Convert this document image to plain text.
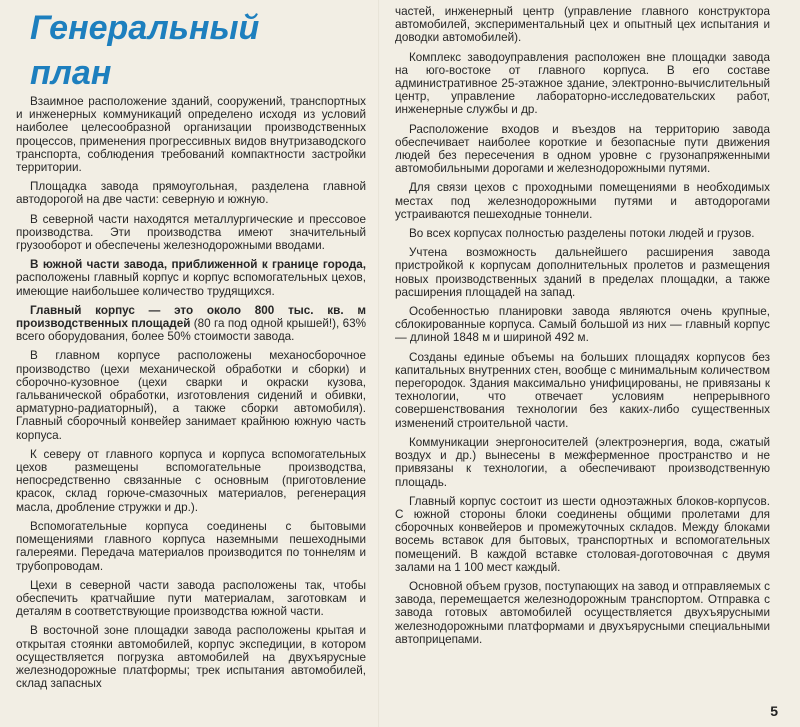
Генеральный
план

Взаимное расположение зданий, сооружений, транспортных и инженерных коммуникаций определено исходя из условий наиболее целесообразной организации производственных процессов, применения прогрессивных видов внутризаводского транспорта, соблюдения требований компактности застройки территории.

Площадка завода прямоугольная, разделена главной автодорогой на две части: северную и южную.

В северной части находятся металлургические и прессовое производства. Эти производства имеют значительный грузооборот и обеспечены железнодорожными вводами.

В южной части завода, приближенной к границе города, расположены главный корпус и корпус вспомогательных цехов, имеющие наибольшее количество трудящихся.

Главный корпус — это около 800 тыс. кв. м производственных площадей (80 га под одной крышей!), 63% всего оборудования, более 50% стоимости завода.

В главном корпусе расположены механосборочное производство (цехи механической обработки и сборки) и сборочно-кузовное (цехи сварки и окраски кузова, гальванической обработки, изготовления сидений и обивки, арматурно-радиаторный), а также сборки автомобиля). Главный сборочный конвейер занимает крайнюю южную часть корпуса.

К северу от главного корпуса и корпуса вспомогательных цехов размещены вспомогательные производства, непосредственно связанные с основным (приготовление красок, склад горюче-смазочных материалов, регенерация масла, дробление стружки и др.).

Вспомогательные корпуса соединены с бытовыми помещениями главного корпуса наземными пешеходными галереями. Передача материалов производится по тоннелям и трубопроводам.

Цехи в северной части завода расположены так, чтобы обеспечить кратчайшие пути материалам, заготовкам и деталям в соответствующие производства южной части.

В восточной зоне площадки завода расположены крытая и открытая стоянки автомобилей, корпус экспедиции, в котором осуществляется погрузка автомобилей на двухъярусные железнодорожные платформы; трек испытания автомобилей, склад запасных

частей, инженерный центр (управление главного конструктора автомобилей, экспериментальный цех и опытный цех испытания и доводки автомобилей).

Комплекс заводоуправления расположен вне площадки завода на юго-востоке от главного корпуса. В его составе административное 25-этажное здание, электронно-вычислительный центр, управление лабораторно-исследовательских работ, инженерные службы и др.

Расположение входов и въездов на территорию завода обеспечивает наиболее короткие и безопасные пути движения людей без пересечения в одном уровне с грузонапряженными автомобильными дорогами и железнодорожными путями.

Для связи цехов с проходными помещениями в необходимых местах под железнодорожными путями и автодорогами устраиваются пешеходные тоннели.

Во всех корпусах полностью разделены потоки людей и грузов.

Учтена возможность дальнейшего расширения завода пристройкой к корпусам дополнительных пролетов и размещения новых производственных зданий в пределах площадки, а также расширения площадей на запад.

Особенностью планировки завода являются очень крупные, сблокированные корпуса. Самый большой из них — главный корпус — длиной 1848 м и шириной 492 м.

Созданы единые объемы на больших площадях корпусов без капитальных внутренних стен, вообще с минимальным количеством перегородок. Здания максимально унифицированы, не привязаны к технологии, что отвечает условиям непрерывного совершенствования технологии без каких-либо существенных изменений строительной части.

Коммуникации энергоносителей (электроэнергия, вода, сжатый воздух и др.) вынесены в межферменное пространство и не привязаны к технологии, а обеспечивают производственную площадь.

Главный корпус состоит из шести одноэтажных блоков-корпусов. С южной стороны блоки соединены общими пролетами для сборочных конвейеров и промежуточных складов. Между блоками восемь вставок для бытовых, транспортных и вспомогательных помещений. В каждой вставке столовая-доготовочная с двумя залами на 1 100 мест каждый.

Основной объем грузов, поступающих на завод и отправляемых с завода, перемещается железнодорожным транспортом. Отправка с завода готовых автомобилей осуществляется двухъярусными железнодорожными платформами и двухъярусными специальными автоприцепами.

5
